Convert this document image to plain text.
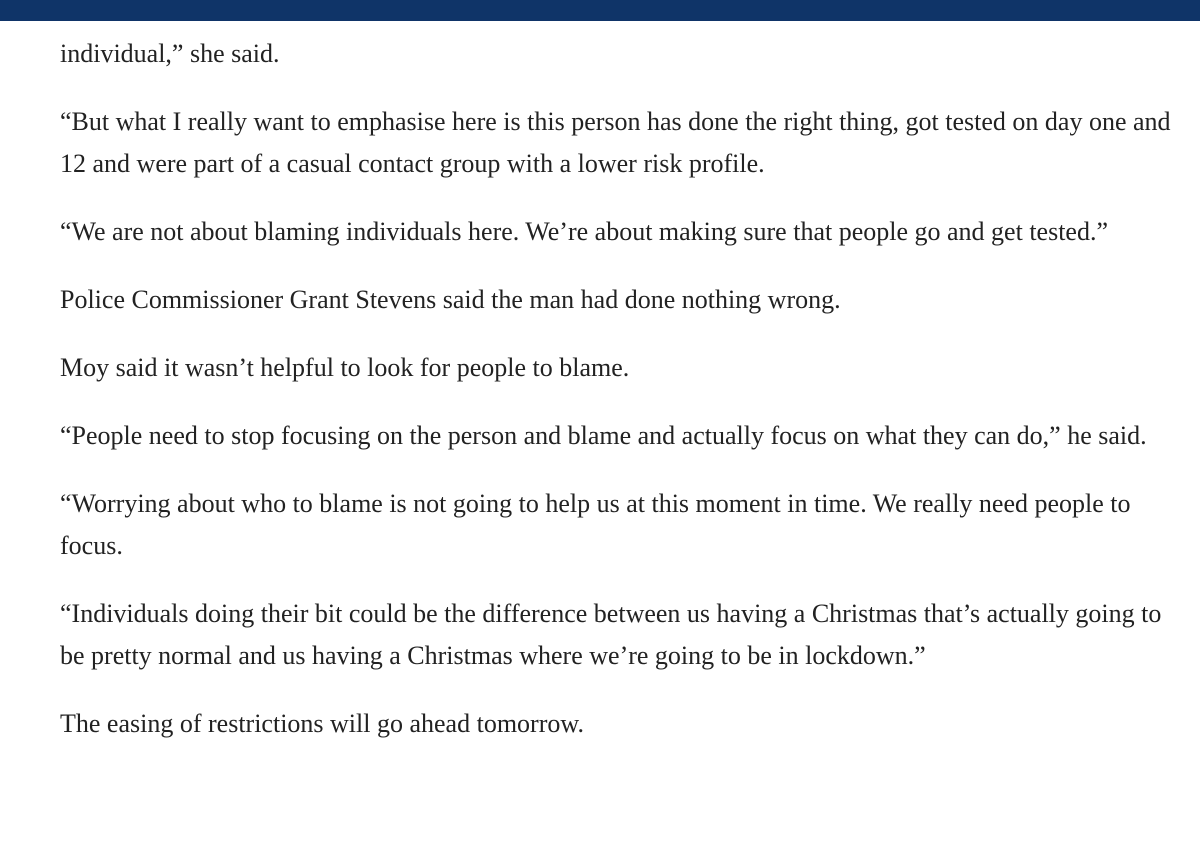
individual,” she said.

“But what I really want to emphasise here is this person has done the right thing, got tested on day one and 12 and were part of a casual contact group with a lower risk profile.

“We are not about blaming individuals here. We’re about making sure that people go and get tested.”

Police Commissioner Grant Stevens said the man had done nothing wrong.

Moy said it wasn’t helpful to look for people to blame.

“People need to stop focusing on the person and blame and actually focus on what they can do,” he said.

“Worrying about who to blame is not going to help us at this moment in time. We really need people to focus.

“Individuals doing their bit could be the difference between us having a Christmas that’s actually going to be pretty normal and us having a Christmas where we’re going to be in lockdown.”

The easing of restrictions will go ahead tomorrow.
